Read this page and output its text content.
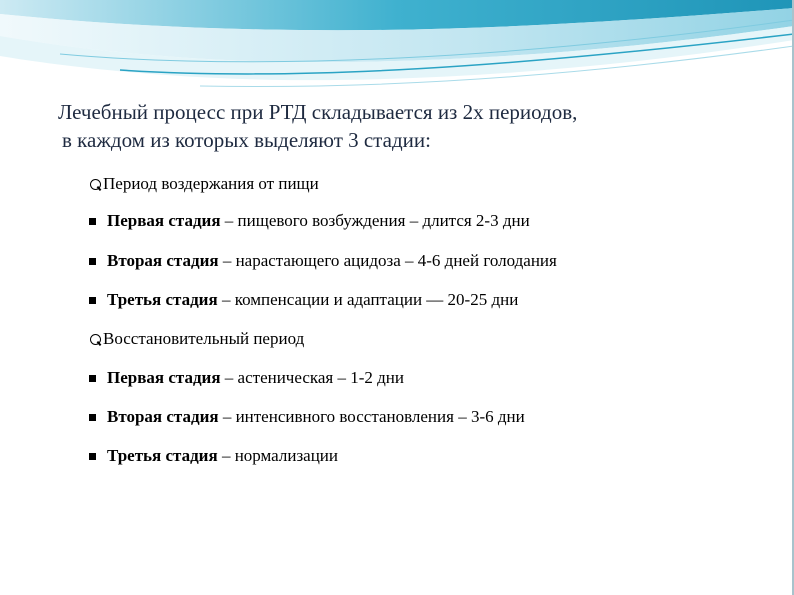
Лечебный процесс при РТД складывается из 2х периодов,
в каждом из которых выделяют 3 стадии:
Период воздержания от пищи
Первая стадия – пищевого возбуждения – длится 2-3 дни
Вторая стадия – нарастающего ацидоза – 4-6 дней голодания
Третья стадия – компенсации и адаптации — 20-25 дни
Восстановительный период
Первая стадия – астеническая – 1-2 дни
Вторая стадия – интенсивного восстановления – 3-6 дни
Третья стадия – нормализации
